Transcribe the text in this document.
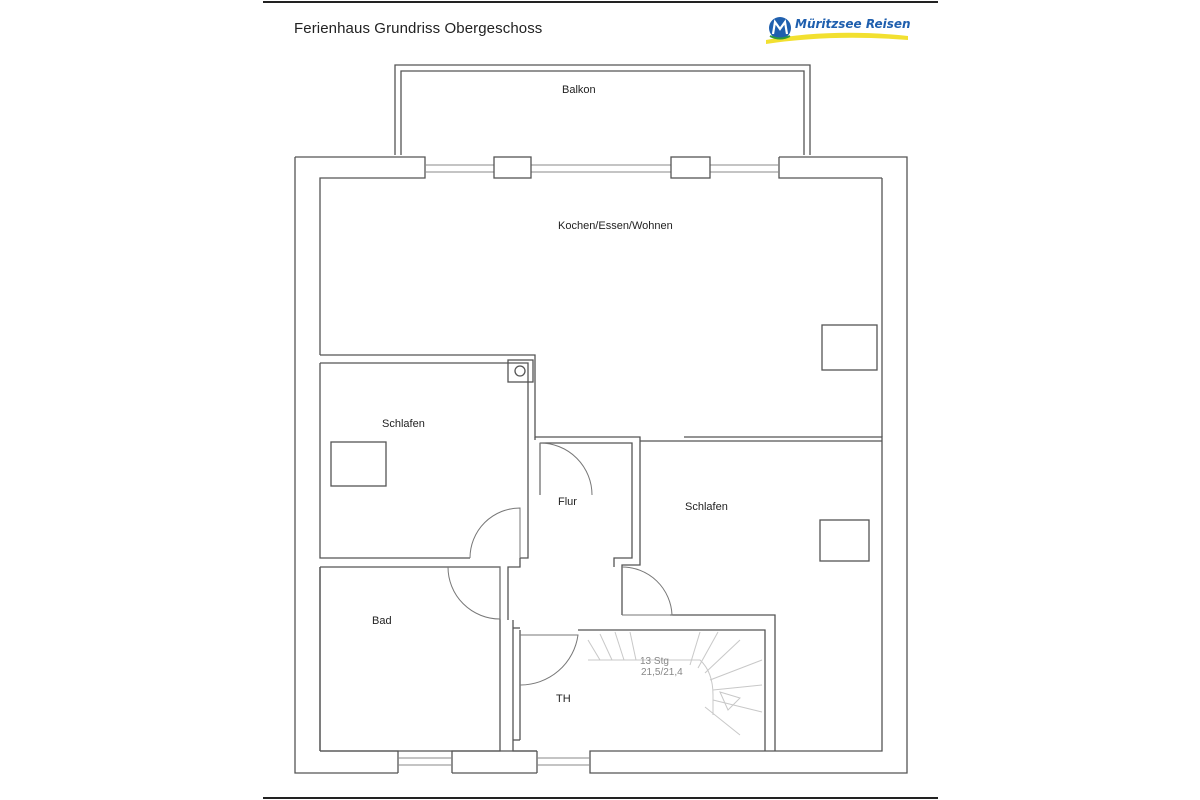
Ferienhaus Grundriss Obergeschoss	Müritzsee Reisen
Balkon
Kochen/Essen/Wohnen
Schlafen
Schlafen
Flur
Bad
TH
13 Stg
21,5/21,4
